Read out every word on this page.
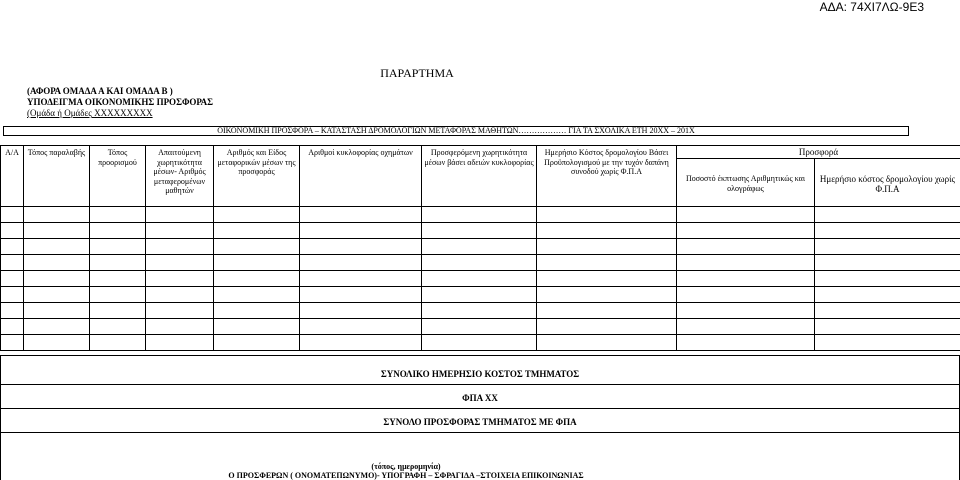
ΑΔΑ: 74ΧΙ7ΛΩ-9Ε3
ΠΑΡΑΡΤΗΜΑ
(ΑΦΟΡΑ ΟΜΑΔΑ Α ΚΑΙ ΟΜΑΔΑ Β )
ΥΠΟΔΕΙΓΜΑ ΟΙΚΟΝΟΜΙΚΗΣ ΠΡΟΣΦΟΡΑΣ
(Ομάδα ή Ομάδες ΧΧΧΧΧΧΧΧΧ
ΟΙΚΟΝΟΜΙΚΗ ΠΡΟΣΦΟΡΑ – ΚΑΤΑΣΤΑΣΗ ΔΡΟΜΟΛΟΓΙΩΝ ΜΕΤΑΦΟΡΑΣ ΜΑΘΗΤΩΝ……………… ΓΙΑ ΤΑ ΣΧΟΛΙΚΑ ΕΤΗ 20ΧΧ – 201Χ
Α/Α	Τόπος παραλαβής	Τόπος προορισμού	Απαιτούμενη χωρητικότητα μέσων- Αριθμός μεταφερομένων μαθητών	Αριθμός και Είδος μεταφορικών μέσων της προσφοράς	Αριθμοί κυκλοφορίας οχημάτων	Προσφερόμενη χωρητικότητα μέσων βάσει αδειών κυκλοφορίας	Ημερήσιο Κόστος δρομολογίου Βάσει Προϋπολογισμού με την τυχόν δαπάνη συνοδού χωρίς Φ.Π.Α	Προσφορά	
								Ποσοστό έκπτωσης Αριθμητικώς και ολογράφως	Ημερήσιο κόστος δρομολογίου χωρίς Φ.Π.Α

ΣΥΝΟΛΙΚΟ ΗΜΕΡΗΣΙΟ ΚΟΣΤΟΣ ΤΜΗΜΑΤΟΣ
ΦΠΑ ΧΧ
ΣΥΝΟΛΟ ΠΡΟΣΦΟΡΑΣ ΤΜΗΜΑΤΟΣ ΜΕ ΦΠΑ
(τόπος, ημερομηνία)
Ο ΠΡΟΣΦΕΡΩΝ ( ΟΝΟΜΑΤΕΠΩΝΥΜΟ)- ΥΠΟΓΡΑΦΗ – ΣΦΡΑΓΙΔΑ –ΣΤΟΙΧΕΙΑ ΕΠΙΚΟΙΝΩΝΙΑΣ
